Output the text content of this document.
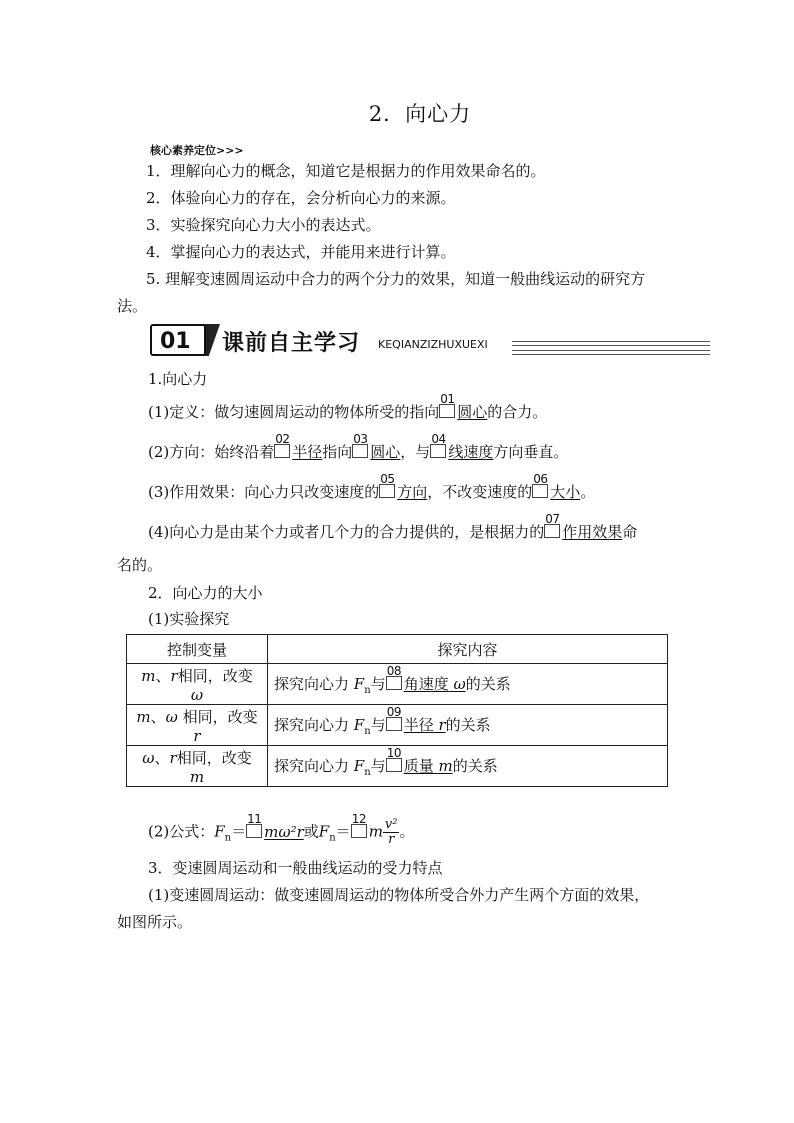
2．向心力
核心素养定位>>>
1．理解向心力的概念，知道它是根据力的作用效果命名的。
2．体验向心力的存在，会分析向心力的来源。
3．实验探究向心力大小的表达式。
4．掌握向心力的表达式，并能用来进行计算。
5. 理解变速圆周运动中合力的两个分力的效果，知道一般曲线运动的研究方
法。
01	课前自主学习 KEQIANZIZHUXUEXI
1.向心力
(1)定义：做匀速圆周运动的物体所受的指向
01
圆心的合力。
(2)方向：始终沿着
02
半径指向
03
圆心，与
04
线速度方向垂直。
(3)作用效果：向心力只改变速度的
05
方向，不改变速度的
06
大小。
(4)向心力是由某个力或者几个力的合力提供的，是根据力的
07
作用效果命
名的。
2．向心力的大小
(1)实验探究
控制变量	探究内容
m、r相同，改变 ω	探究向心力 $F_n$与
08
角速度 ω的关系
m、ω 相同，改变 r	探究向心力 $F_n$与
09
半径 r的关系
ω、r相同，改变 m	探究向心力 $F_n$与
10
质量 m的关系
(2)公式：$F_n=$
11
mω²r或$F_n=$
12
m $\frac{\text{v²}}{r}$ 。
3．变速圆周运动和一般曲线运动的受力特点
(1)变速圆周运动：做变速圆周运动的物体所受合外力产生两个方面的效果，
如图所示。
